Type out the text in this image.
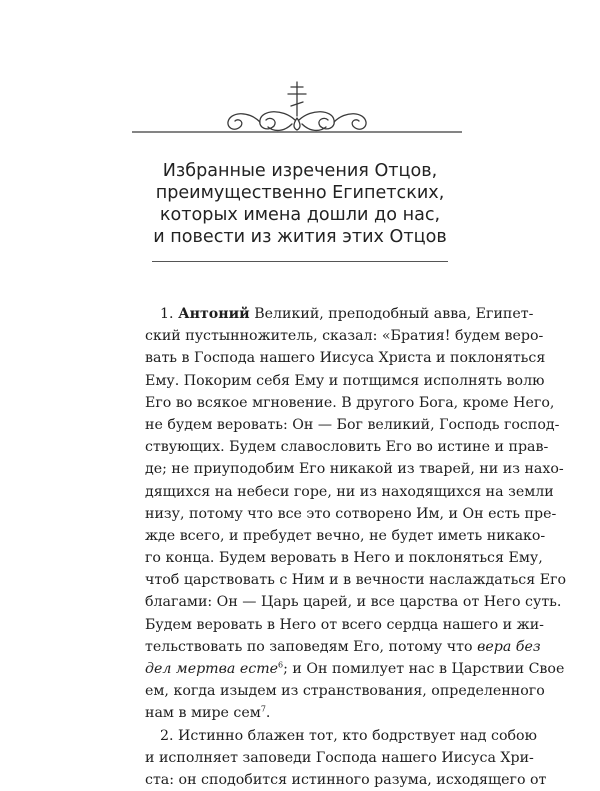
Избранные изречения Отцов,
преимущественно Египетских,
которых имена дошли до нас,
и повести из жития этих Отцов
1. Антоний Великий, преподобный авва, Египет-
ский пустынножитель, сказал: «Братия! будем веро-
вать в Господа нашего Иисуса Христа и поклоняться
Ему. Покорим себя Ему и потщимся исполнять волю
Его во всякое мгновение. В другого Бога, кроме Него,
не будем веровать: Он — Бог великий, Господь господ-
ствующих. Будем славословить Его во истине и прав-
де; не приуподобим Его никакой из тварей, ни из нахо-
дящихся на небеси горе, ни из находящихся на земли
низу, потому что все это сотворено Им, и Он есть пре-
жде всего, и пребудет вечно, не будет иметь никако-
го конца. Будем веровать в Него и поклоняться Ему,
чтоб царствовать с Ним и в вечности наслаждаться Его
благами: Он — Царь царей, и все царства от Него суть.
Будем веровать в Него от всего сердца нашего и жи-
тельствовать по заповедям Его, потому что вера без
дел мертва есте$^6$; и Он помилует нас в Царствии Свое
ем, когда изыдем из странствования, определенного
нам в мире сем$^7$.
2. Истинно блажен тот, кто бодрствует над собою
и исполняет заповеди Господа нашего Иисуса Хри-
ста: он сподобится истинного разума, исходящего от
